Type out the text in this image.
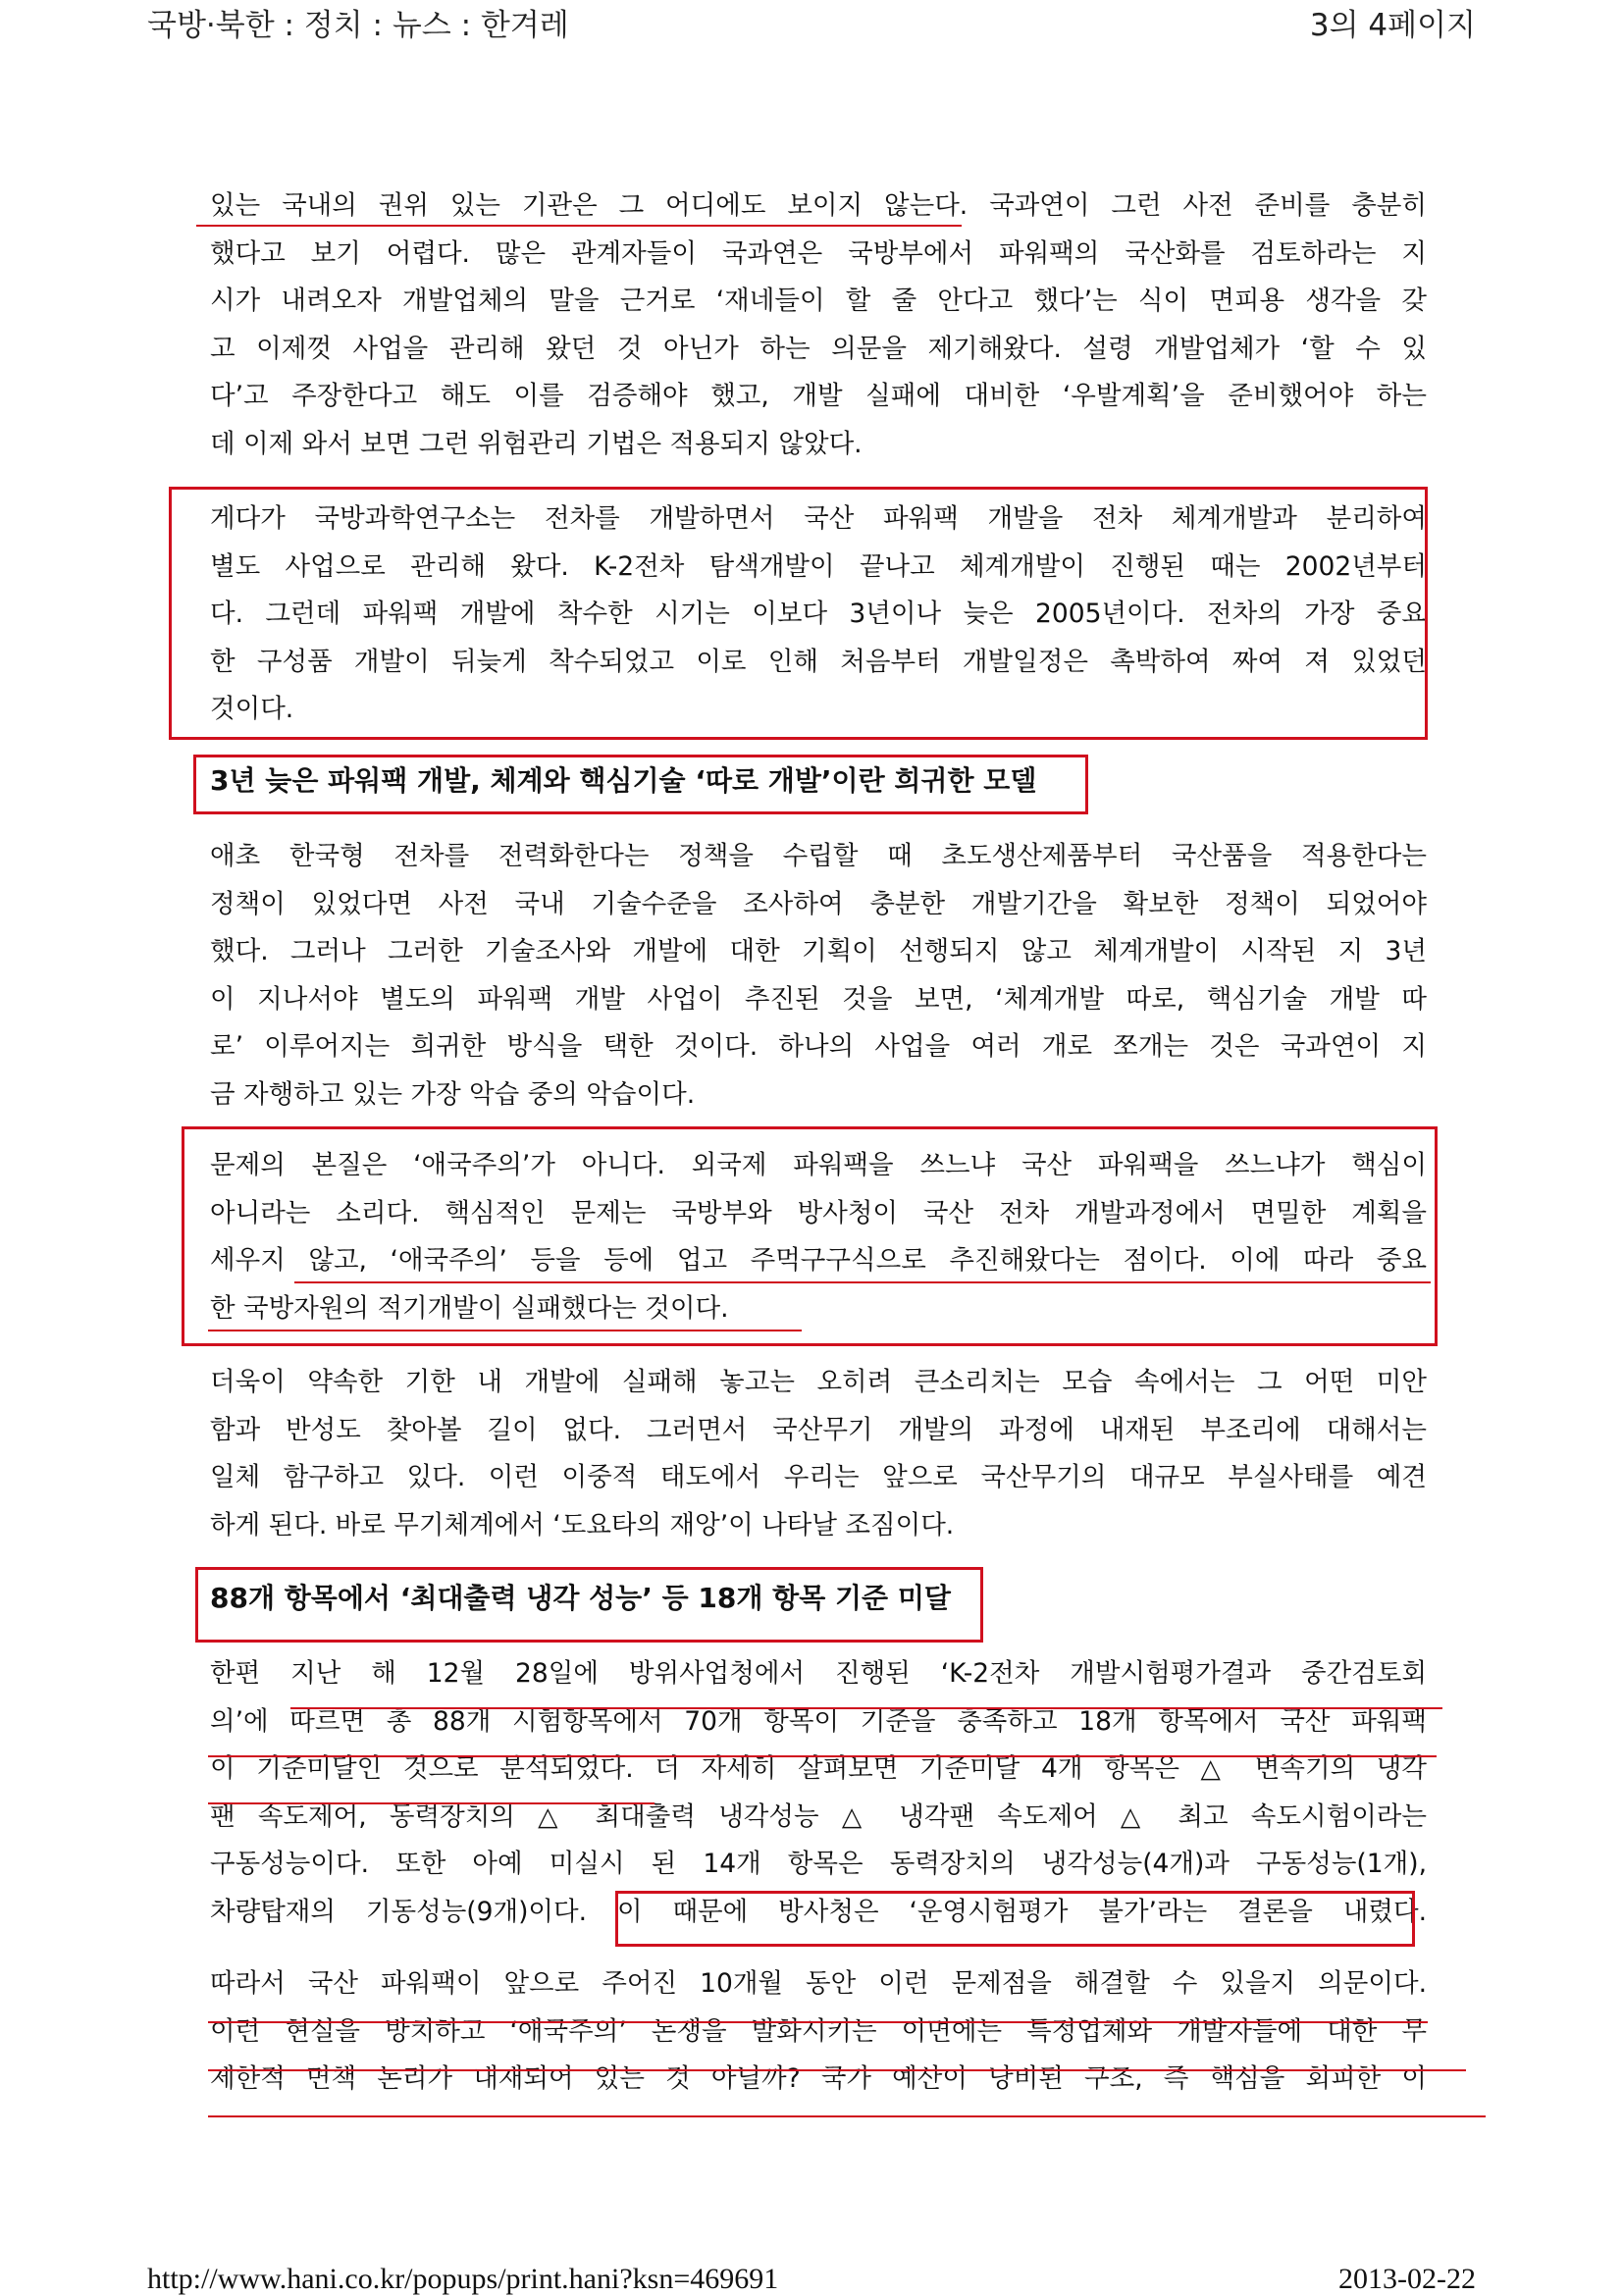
국방·북한 : 정치 : 뉴스 : 한겨레	3의 4페이지
있는 국내의 권위 있는 기관은 그 어디에도 보이지 않는다. 국과연이 그런 사전 준비를 충분히
했다고 보기 어렵다. 많은 관계자들이 국과연은 국방부에서 파워팩의 국산화를 검토하라는 지
시가 내려오자 개발업체의 말을 근거로 ‘재네들이 할 줄 안다고 했다’는 식이 면피용 생각을 갖
고 이제껏 사업을 관리해 왔던 것 아닌가 하는 의문을 제기해왔다. 설령 개발업체가 ‘할 수 있
다’고 주장한다고 해도 이를 검증해야 했고, 개발 실패에 대비한 ‘우발계획’을 준비했어야 하는
데 이제 와서 보면 그런 위험관리 기법은 적용되지 않았다.
게다가 국방과학연구소는 전차를 개발하면서 국산 파워팩 개발을 전차 체계개발과 분리하여
별도 사업으로 관리해 왔다. K-2전차 탐색개발이 끝나고 체계개발이 진행된 때는 2002년부터
다. 그런데 파워팩 개발에 착수한 시기는 이보다 3년이나 늦은 2005년이다. 전차의 가장 중요
한 구성품 개발이 뒤늦게 착수되었고 이로 인해 처음부터 개발일정은 촉박하여 짜여 져 있었던
것이다.
3년 늦은 파워팩 개발, 체계와 핵심기술 ‘따로 개발’이란 희귀한 모델
애초 한국형 전차를 전력화한다는 정책을 수립할 때 초도생산제품부터 국산품을 적용한다는
정책이 있었다면 사전 국내 기술수준을 조사하여 충분한 개발기간을 확보한 정책이 되었어야
했다. 그러나 그러한 기술조사와 개발에 대한 기획이 선행되지 않고 체계개발이 시작된 지 3년
이 지나서야 별도의 파워팩 개발 사업이 추진된 것을 보면, ‘체계개발 따로, 핵심기술 개발 따
로’ 이루어지는 희귀한 방식을 택한 것이다. 하나의 사업을 여러 개로 쪼개는 것은 국과연이 지
금 자행하고 있는 가장 악습 중의 악습이다.
문제의 본질은 ‘애국주의’가 아니다. 외국제 파워팩을 쓰느냐 국산 파워팩을 쓰느냐가 핵심이
아니라는 소리다. 핵심적인 문제는 국방부와 방사청이 국산 전차 개발과정에서 면밀한 계획을
세우지 않고, ‘애국주의’ 등을 등에 업고 주먹구구식으로 추진해왔다는 점이다. 이에 따라 중요
한 국방자원의 적기개발이 실패했다는 것이다.
더욱이 약속한 기한 내 개발에 실패해 놓고는 오히려 큰소리치는 모습 속에서는 그 어떤 미안
함과 반성도 찾아볼 길이 없다. 그러면서 국산무기 개발의 과정에 내재된 부조리에 대해서는
일체 함구하고 있다. 이런 이중적 태도에서 우리는 앞으로 국산무기의 대규모 부실사태를 예견
하게 된다. 바로 무기체계에서 ‘도요타의 재앙’이 나타날 조짐이다.
88개 항목에서 ‘최대출력 냉각 성능’ 등 18개 항목 기준 미달
한편 지난 해 12월 28일에 방위사업청에서 진행된 ‘K-2전차 개발시험평가결과 중간검토회
의’에 따르면 총 88개 시험항목에서 70개 항목이 기준을 충족하고 18개 항목에서 국산 파워팩
이 기준미달인 것으로 분석되었다. 더 자세히 살펴보면 기준미달 4개 항목은 △ 변속기의 냉각
팬 속도제어, 동력장치의 △ 최대출력 냉각성능 △ 냉각팬 속도제어 △ 최고 속도시험이라는
구동성능이다. 또한 아예 미실시 된 14개 항목은 동력장치의 냉각성능(4개)과 구동성능(1개),
차량탑재의 기동성능(9개)이다. 이 때문에 방사청은 ‘운영시험평가 불가’라는 결론을 내렸다.
따라서 국산 파워팩이 앞으로 주어진 10개월 동안 이런 문제점을 해결할 수 있을지 의문이다.
이런 현실을 방치하고 ‘애국주의’ 논쟁을 발화시키는 이면에는 특정업체와 개발자들에 대한 무
제한적 면책 논리가 내재되어 있는 것 아닐까? 국가 예산이 낭비된 구조, 즉 핵심을 회피한 이
http://www.hani.co.kr/popups/print.hani?ksn=469691	2013-02-22
